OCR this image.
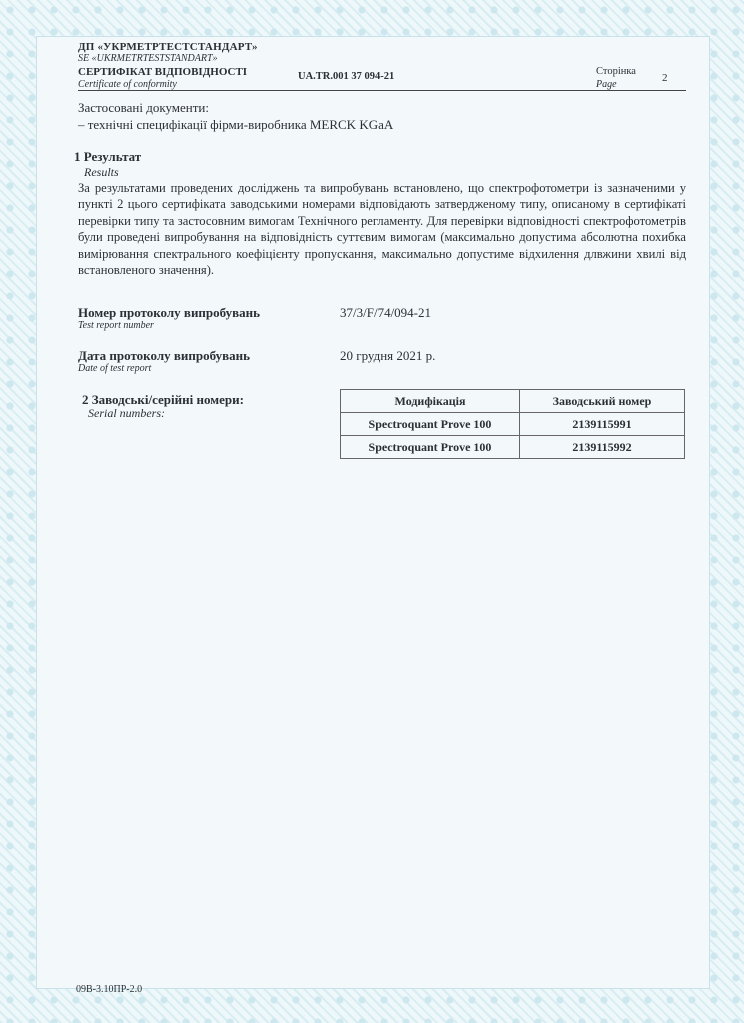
ДП «УКРМЕТРТЕСТСТАНДАРТ»
SE «UKRMETRTESTSTANDART»
СЕРТИФІКАТ ВІДПОВІДНОСТІ
Certificate of conformity
UA.TR.001 37 094-21	Сторінка
Page
2
Застосовані документи:
– технічні специфікації фірми-виробника MERCK KGaA
1 Результат
Results

За результатами проведених досліджень та випробувань встановлено, що спектрофотометри із зазначеними у пункті 2 цього сертифіката заводськими номерами відповідають затвердженому типу, описаному в сертифікаті перевірки типу та застосовним вимогам Технічного регламенту. Для перевірки відповідності спектрофотометрів були проведені випробування на відповідність суттєвим вимогам (максимально допустима абсолютна похибка вимірювання спектрального коефіцієнту пропускання, максимально допустиме відхилення длвжини хвилі від встановленого значення).

Номер протоколу випробувань
Test report number
37/3/F/74/094-21
Дата протоколу випробувань
Date of test report
20 грудня 2021 р.
2 Заводські/серійні номери:
Serial numbers:
Модифікація	Заводський номер
Spectroquant Prove 100	2139115991
Spectroquant Prove 100	2139115992
09В-3.10ПР-2.0
